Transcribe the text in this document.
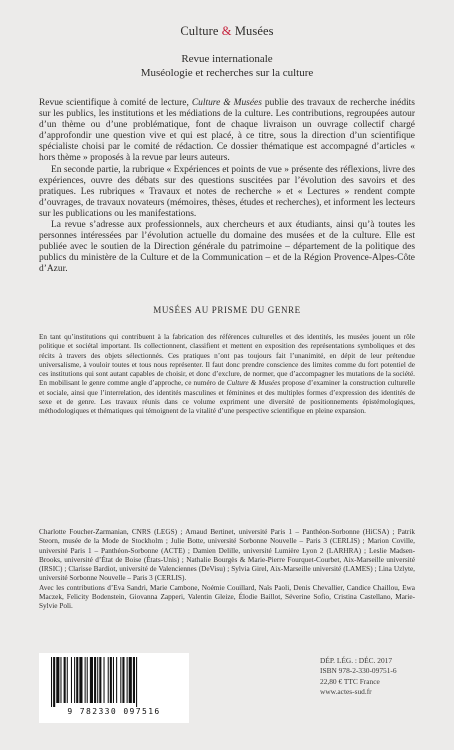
Culture & Musées
Revue internationale
Muséologie et recherches sur la culture

Revue scientifique à comité de lecture, Culture & Musées publie des travaux de recherche inédits sur les publics, les institutions et les médiations de la culture. Les contributions, regroupées autour d’un thème ou d’une problématique, font de chaque livraison un ouvrage collectif chargé d’approfondir une question vive et qui est placé, à ce titre, sous la direction d’un scientifique spécialiste choisi par le comité de rédaction. Ce dossier thématique est accompagné d’articles « hors thème » proposés à la revue par leurs auteurs.

En seconde partie, la rubrique « Expériences et points de vue » présente des réflexions, livre des expériences, ouvre des débats sur des questions suscitées par l’évolution des savoirs et des pratiques. Les rubriques « Travaux et notes de recherche » et « Lectures » rendent compte d’ouvrages, de travaux novateurs (mémoires, thèses, études et recherches), et informent les lecteurs sur les publications ou les manifestations.

La revue s’adresse aux professionnels, aux chercheurs et aux étudiants, ainsi qu’à toutes les personnes intéressées par l’évolution actuelle du domaine des musées et de la culture. Elle est publiée avec le soutien de la Direction générale du patrimoine – département de la politique des publics du ministère de la Culture et de la Communication – et de la Région Provence-Alpes-Côte d’Azur.

MUSÉES AU PRISME DU GENRE

En tant qu’institutions qui contribuent à la fabrication des références culturelles et des identités, les musées jouent un rôle politique et sociétal important. Ils collectionnent, classifient et mettent en exposition des représentations symboliques et des récits à travers des objets sélectionnés. Ces pratiques n’ont pas toujours fait l’unanimité, en dépit de leur prétendue universalisme, à vouloir toutes et tous nous représenter. Il faut donc prendre conscience des limites comme du fort potentiel de ces institutions qui sont autant capables de choisir, et donc d’exclure, de normer, que d’accompagner les mutations de la société. En mobilisant le genre comme angle d’approche, ce numéro de Culture & Musées propose d’examiner la construction culturelle et sociale, ainsi que l’interrelation, des identités masculines et féminines et des multiples formes d’expression des identités de sexe et de genre. Les travaux réunis dans ce volume expriment une diversité de positionnements épistémologiques, méthodologiques et thématiques qui témoignent de la vitalité d’une perspective scientifique en pleine expansion.

Charlotte Foucher-Zarmanian, CNRS (LEGS) ; Arnaud Bertinet, université Paris 1 – Panthéon-Sorbonne (HiCSA) ; Patrik Steorn, musée de la Mode de Stockholm ; Julie Botte, université Sorbonne Nouvelle – Paris 3 (CERLIS) ; Marion Coville, université Paris 1 – Panthéon-Sorbonne (ACTE) ; Damien Delille, université Lumière Lyon 2 (LARHRA) ; Leslie Madsen-Brooks, université d’État de Boise (États-Unis) ; Nathalie Bourgès & Marie-Pierre Fourquet-Courbet, Aix-Marseille université (IRSIC) ; Clarisse Bardiot, université de Valenciennes (DeVisu) ; Sylvia Girel, Aix-Marseille université (LAMES) ; Lina Uzlyte, université Sorbonne Nouvelle – Paris 3 (CERLIS).

Avec les contributions d’Eva Sandri, Marie Cambone, Noémie Couillard, Naïs Paoli, Denis Chevallier, Candice Chaillou, Ewa Maczek, Felicity Bodenstein, Giovanna Zapperi, Valentin Gleize, Élodie Baillot, Séverine Sofio, Cristina Castellano, Marie-Sylvie Poli.

9 782330 097516
DÉP. LÉG. : DÉC. 2017
ISBN 978-2-330-09751-6
22,80 € TTC France
www.actes-sud.fr
